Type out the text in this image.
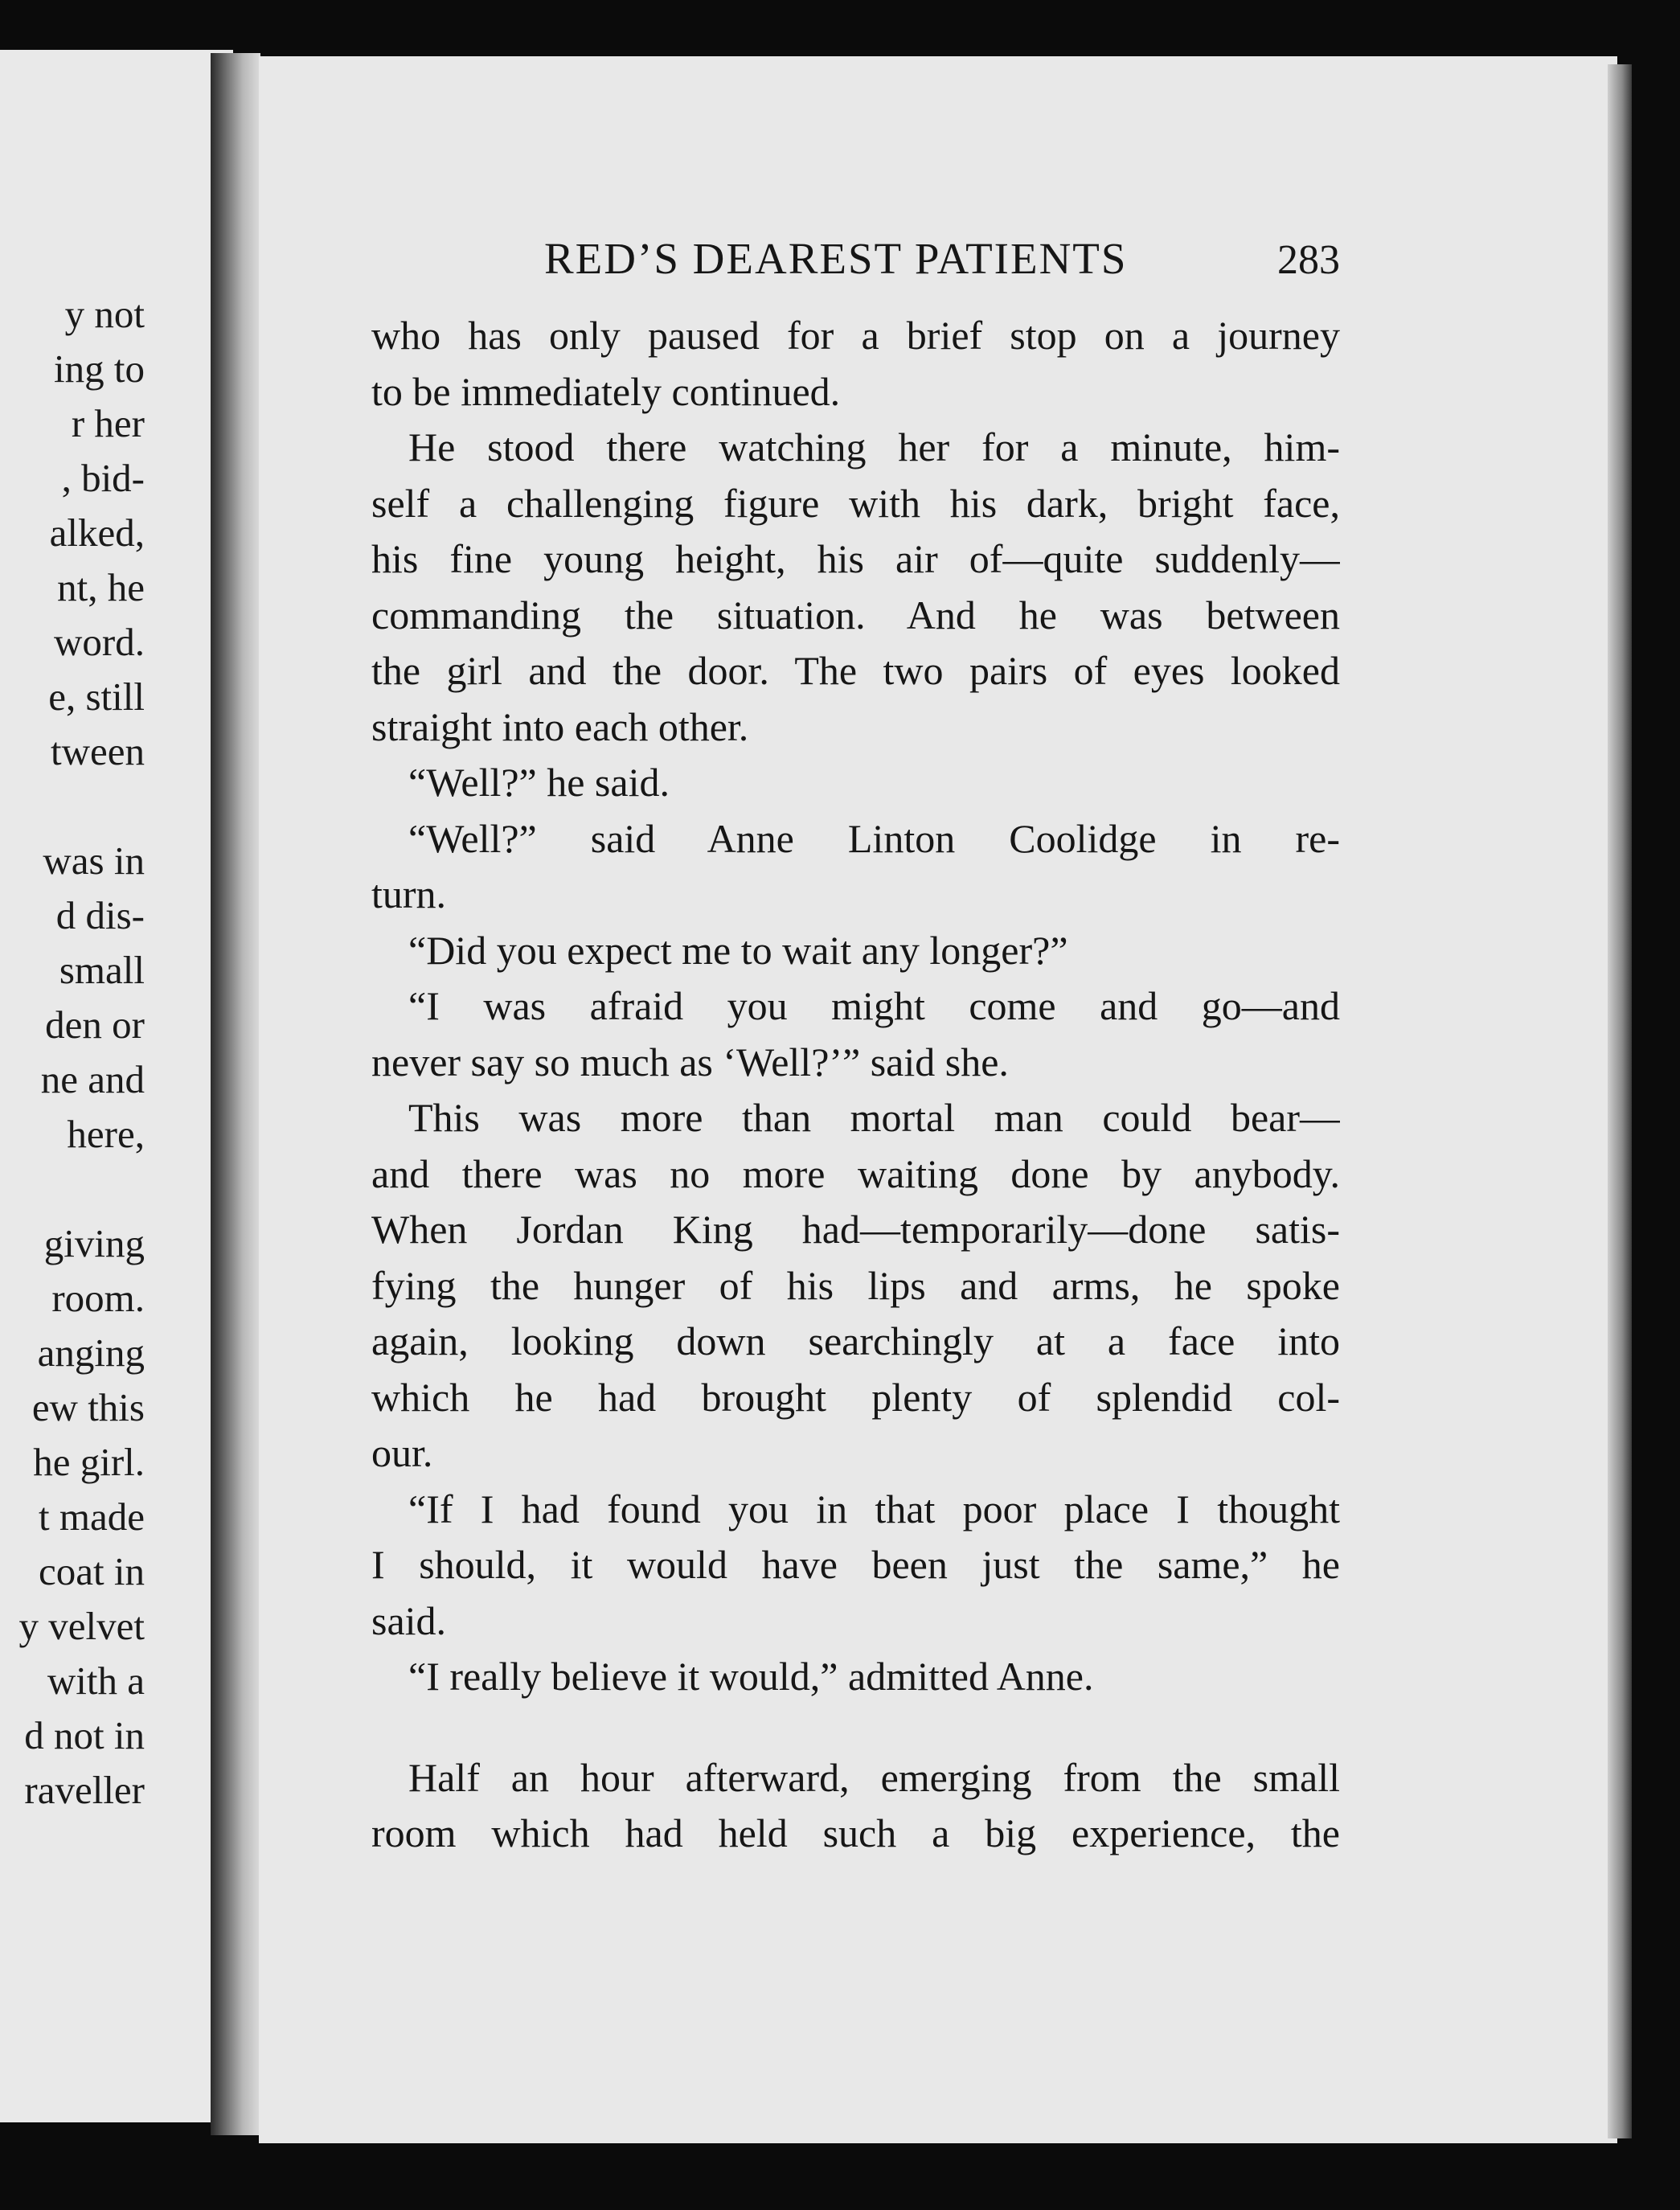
y not
ing to
r her
, bid-
alked,
nt, he
word.
e, still
tween
was in
d dis-
small
den or
ne and
here,
giving
room.
anging
ew this
he girl.
t made
coat in
y velvet
with a
d not in
raveller
RED’S DEAREST PATIENTS	283
who has only paused for a brief stop on a journey
to be immediately continued.
He stood there watching her for a minute, him-
self a challenging figure with his dark, bright face,
his fine young height, his air of—quite suddenly—
commanding the situation. And he was between
the girl and the door. The two pairs of eyes looked
straight into each other.
“Well?” he said.
“Well?” said Anne Linton Coolidge in re-
turn.
“Did you expect me to wait any longer?”
“I was afraid you might come and go—and
never say so much as ‘Well?’” said she.
This was more than mortal man could bear—
and there was no more waiting done by anybody.
When Jordan King had—temporarily—done satis-
fying the hunger of his lips and arms, he spoke
again, looking down searchingly at a face into
which he had brought plenty of splendid col-
our.
“If I had found you in that poor place I thought
I should, it would have been just the same,” he
said.
“I really believe it would,” admitted Anne.
Half an hour afterward, emerging from the small
room which had held such a big experience, the
